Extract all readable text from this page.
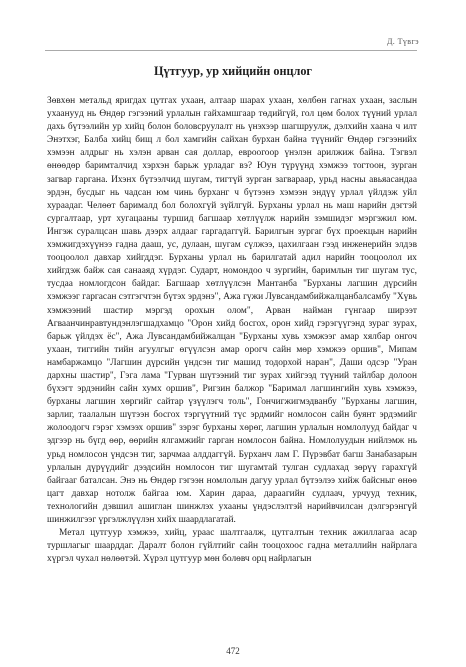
Д. Түвгэ
Цүтгуур, ур хийцийн онцлог

Зөвхөн метальд яригдах цутгах ухаан, алтаар шарах ухаан, хөлбөн гагнах ухаан, заслын ухаануyд нь Өндөр гэгээний урлалын гайхамшгаар төдийгүй, гол цөм болох түүний урлал дахь бүтээлийн ур хийц болон боловсруулалт нь үнэхээр шагшруулж, дэлхийн хаана ч илт Энэтхэг, Балба хийц бищ л бол хамгийн сайхан бурхан байна түүнийг Өндөр гэгээнийх хэмээн алдрыг нь хэлэн арван сая доллар, евроогоор үнэлэн арилжиж байна. Тэгвэл өнөөдөр баримталчид хэрхэн барьж урладаг вэ? Юун түрүүнд хэмжээ тогтоон, зурган загвар гаргана. Ихэнх бүтээлчид шугам, тигтүй зурган загвараар, урьд насны авьяасандаа эрдэн, бусдыг нь чадсан юм чинь бурханг ч бүтээнэ хэмээн эндүү урлал үйлдэж уйл хураадаг. Челөөт барималд бол болохгүй зүйлгүй. Бурханы урлал нь маш нарийн дэгтэй сургалтаар, урт хугацааны туршид багшаар хөтлүүлж нарийн зэмшидэг мэргэжил юм. Ингэж суралцсан шавь дээрх алдааг гаргадаггүй. Барилгын зургаг бүх проекцын нарийн хэмжигдэхүүнээ гадна дааш, ус, дулаан, шугам сүлжээ, цахилгаан гээд инженерийн элдэв тооцоолол давхар хийгддэг. Бурханы урлал нь барилгатай адил нарийн тооцоолол их хийгдэж байж сая санааяд хүрдэг. Сударт, номондоо ч зургийн, баримлын тиг шугам тус, тусдаа номлогдсон байдаг. Багшаар хөтлүүлсэн Мантанба "Бурханы лагшин дүрсийн хэмжээг гаргасан сэтгэгчтэн бүтэх эрдэнэ", Ажа гүжи Лувсандамбийжалцанбалсамбу "Хүвь хэмжээний шастир мэргэд орохын олом", Арван найман гүнгаар ширээт Агваанчинравтундэнлэгшадхамцо "Орон хийд босгох, орон хийд гэрэгүүгэнд зураг зурах, барьж үйлдэх ёс", Ажа Лувсандамбийжалцан "Бурханы хувь хэмжээг амар хялбар онгоч ухаан, тиггийн тийн агуулгыг өгүүлсэн амар орогч сайн мөр хэмжээ оршив", Мипам намбаржамцо "Лагшин дүрсийн үндсэн тиг машид тодорхой наран", Даши одсэр "Уран дархны шастир", Гэга лама "Гурван шүтээний тиг зурах хийгээд түүний тайлбар долоон бүхэгт эрдэнийн сайн хумх оршив", Ригзин балжор "Баримал лагшингийн хувь хэмжээ, бурханы лагшин хөргийг сайтар үзүүлэгч толь", Гончигжигмэдванбу "Бурханы лагшин, зарлиг, таалалын шүтээн босгох тэргүүтний түс эрдмийг номлосон сайн буянт эрдэмийг жолоодогч гэрэг хэмээх оршив" зэрэг бурханы хөрөг, лагшин урлалын номлолууд байдаг ч эдгээр нь бүгд өөр, өөрийн ялгамжийг гарган номлосон байна. Номлолуудын нийлэмж нь урьд номлосон үндсэн тиг, зарчмаа алддаггүй. Бурханч лам Г. Пүрэвбат багш Занабазарын урлалын дүрүүдийг дээдсийн номлосон тиг шугамтай тулган судлахад зөрүү гарахгүй байгааг баталсан. Энэ нь Өндөр гэгээн номлолын дагуу урлал бүтээлээ хийж байсныг өнөө цагт давхар нотолж байгаа юм. Харин дараа, дараагийн судлаач, урчууд техник, технологийн дэвшил ашиглан шинжлэх ухааны үндэслэлтэй нарийвчилсан дэлгэрэнгүй шинжилгээг үргэлжлүүлэн хийх шаардлагатай.

Метал цутгуур хэмжээ, хийц, ураас шалтгаалж, цутгалтын техник ажиллагаа асар туршлагыг шаарддаг. Даралт болон гүйлтийг сайн тооцохоос гадна металлийн найрлага хүргэл чухал нөлөөтэй. Хүрэл цутгуур мөн болөвч орц найрлагын

472
